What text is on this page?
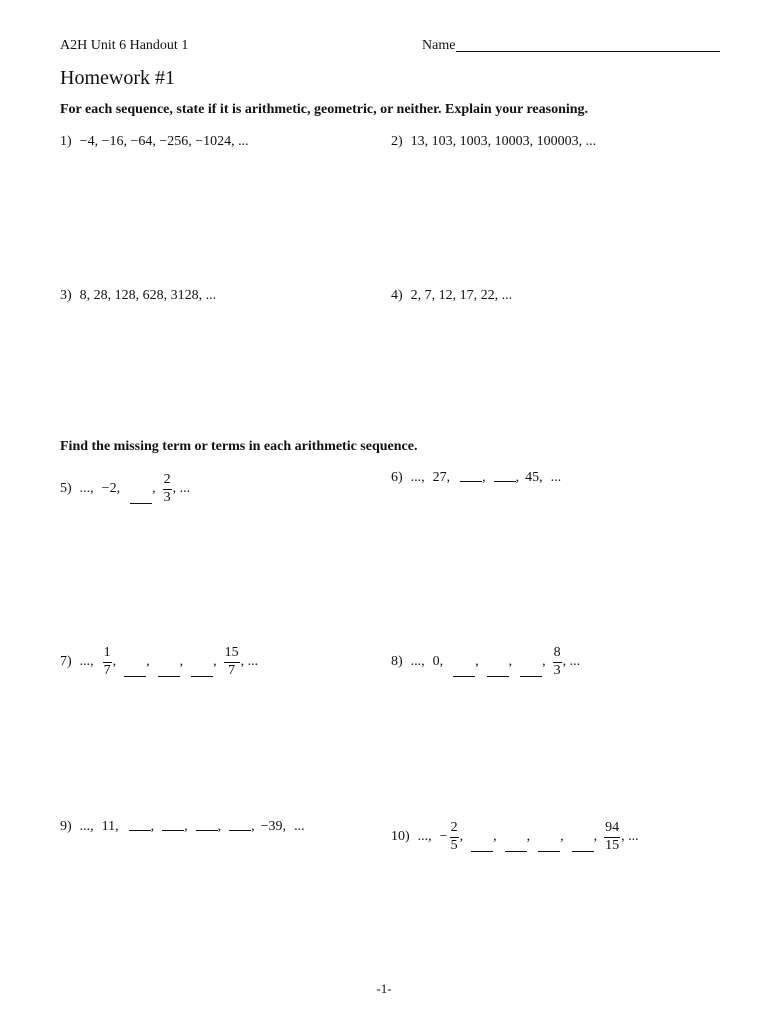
A2H Unit 6 Handout 1	Name
Homework #1
For each sequence, state if it is arithmetic, geometric, or neither. Explain your reasoning.
1) −4, −16, −64, −256, −1024, ...	2) 13, 103, 1003, 10003, 100003, ...
3) 8, 28, 128, 628, 3128, ...	4) 2, 7, 12, 17, 22, ...
Find the missing term or terms in each arithmetic sequence.
5) ..., −2, , $\frac{2}{3}$ , ...
6) ..., 27, , , 45, ...
7) ..., $\frac{1}{7}$ , , , , $\frac{15}{7}$ , ...	8) ..., 0, , , , $\frac{8}{3}$ , ...
9) ..., 11, , , , , −39, ...
10) ..., − $\frac{2}{5}$ , , , , , $\frac{94}{15}$ , ...
-1-
